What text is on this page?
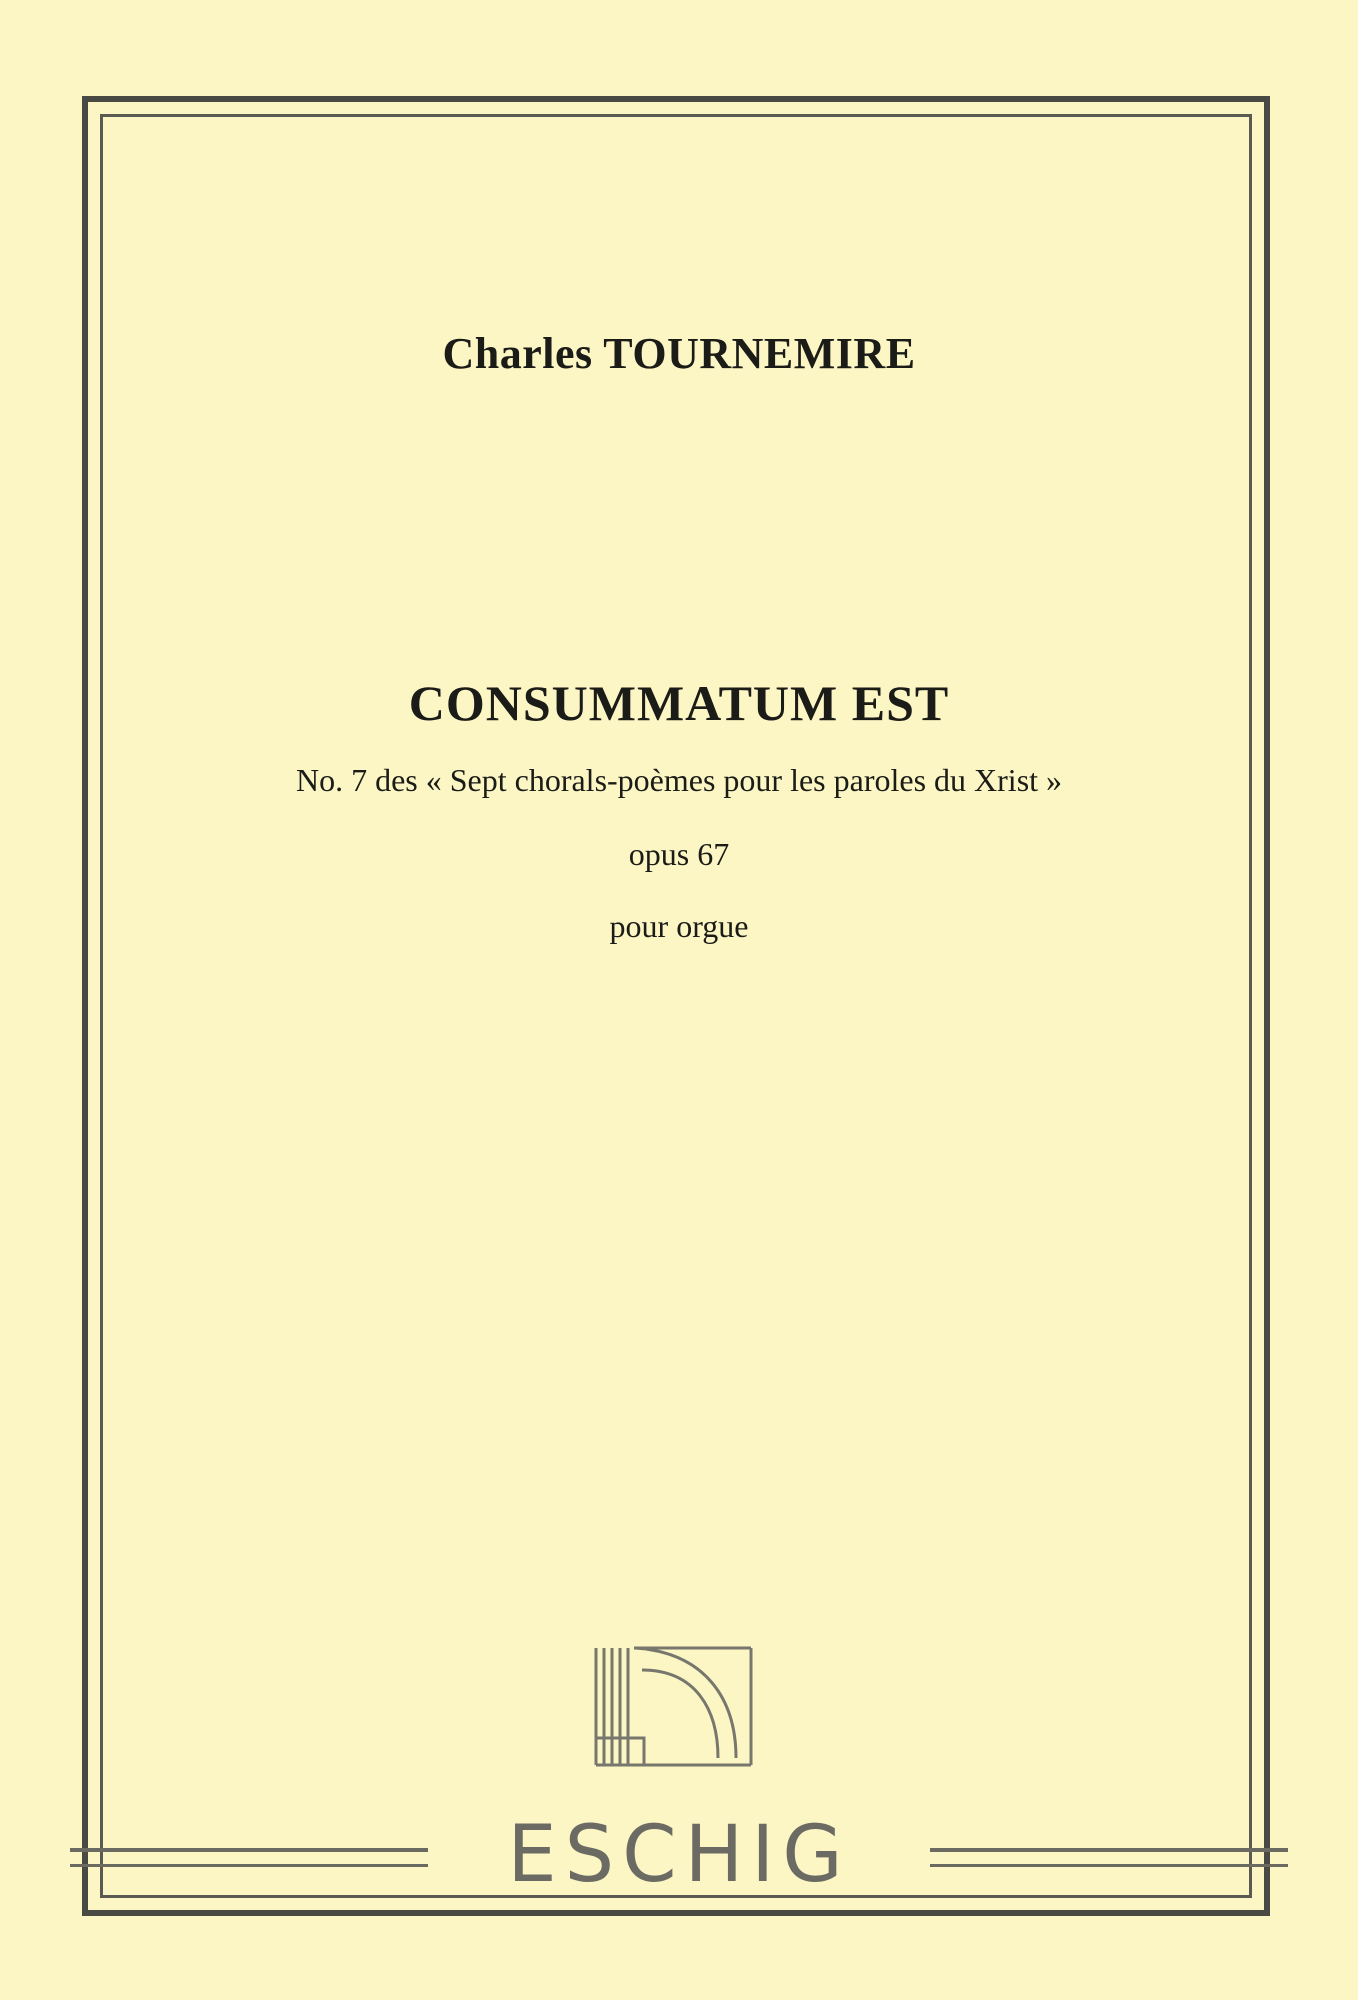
Charles TOURNEMIRE
CONSUMMATUM EST
No. 7 des « Sept chorals-poèmes pour les paroles du Xrist »
opus 67
pour orgue
ESCHIG
